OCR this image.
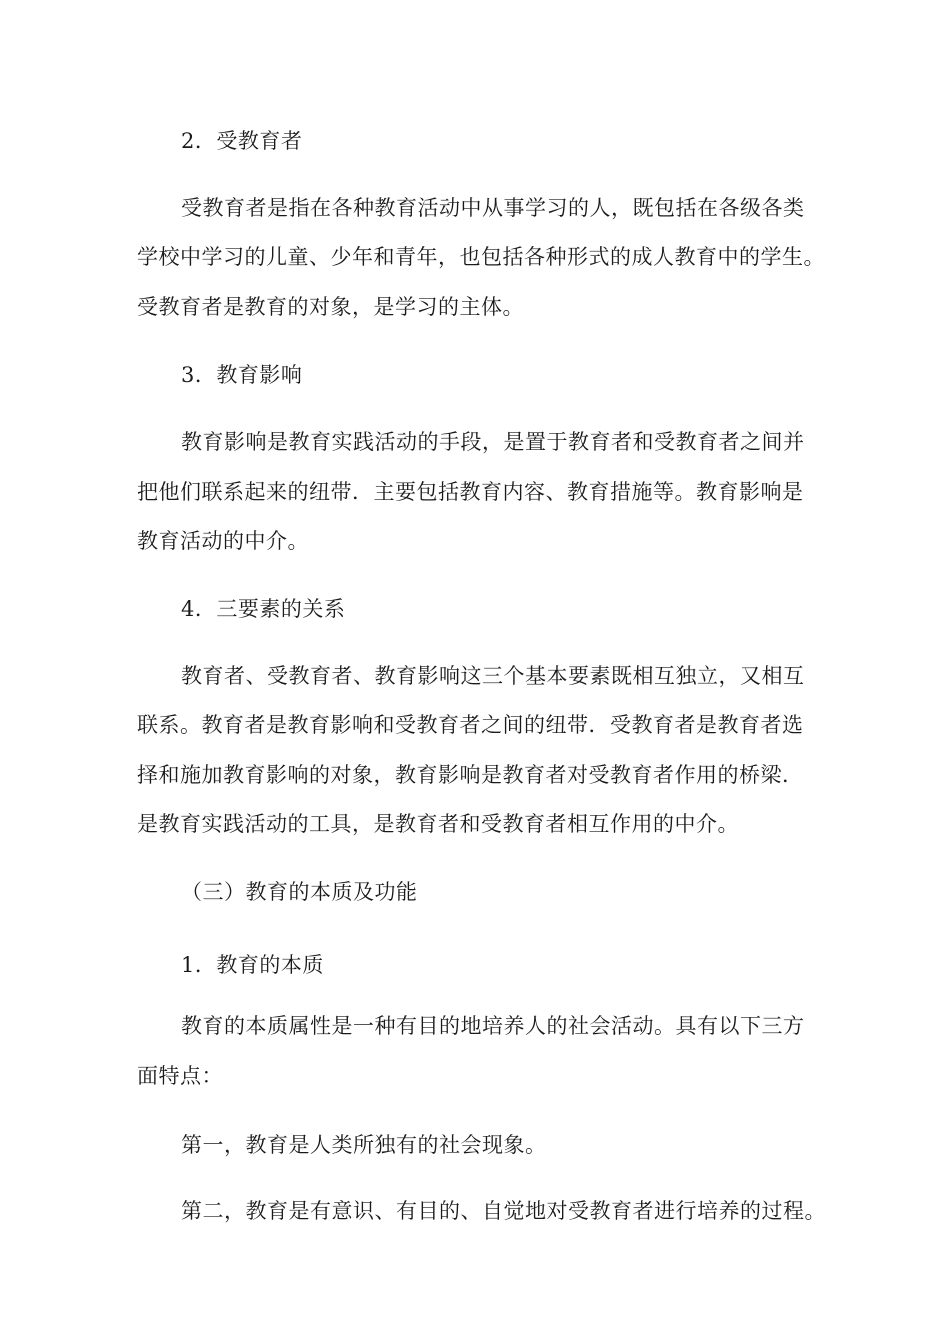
2．受教育者
受教育者是指在各种教育活动中从事学习的人，既包括在各级各类
学校中学习的儿童、少年和青年，也包括各种形式的成人教育中的学生。
受教育者是教育的对象，是学习的主体。
3．教育影响
教育影响是教育实践活动的手段，是置于教育者和受教育者之间并
把他们联系起来的纽带．主要包括教育内容、教育措施等。教育影响是
教育活动的中介。
4．三要素的关系
教育者、受教育者、教育影响这三个基本要素既相互独立，又相互
联系。教育者是教育影响和受教育者之间的纽带．受教育者是教育者选
择和施加教育影响的对象，教育影响是教育者对受教育者作用的桥梁．
是教育实践活动的工具，是教育者和受教育者相互作用的中介。
（三）教育的本质及功能
1．教育的本质
教育的本质属性是一种有目的地培养人的社会活动。具有以下三方
面特点：
第一，教育是人类所独有的社会现象。
第二，教育是有意识、有目的、自觉地对受教育者进行培养的过程。
